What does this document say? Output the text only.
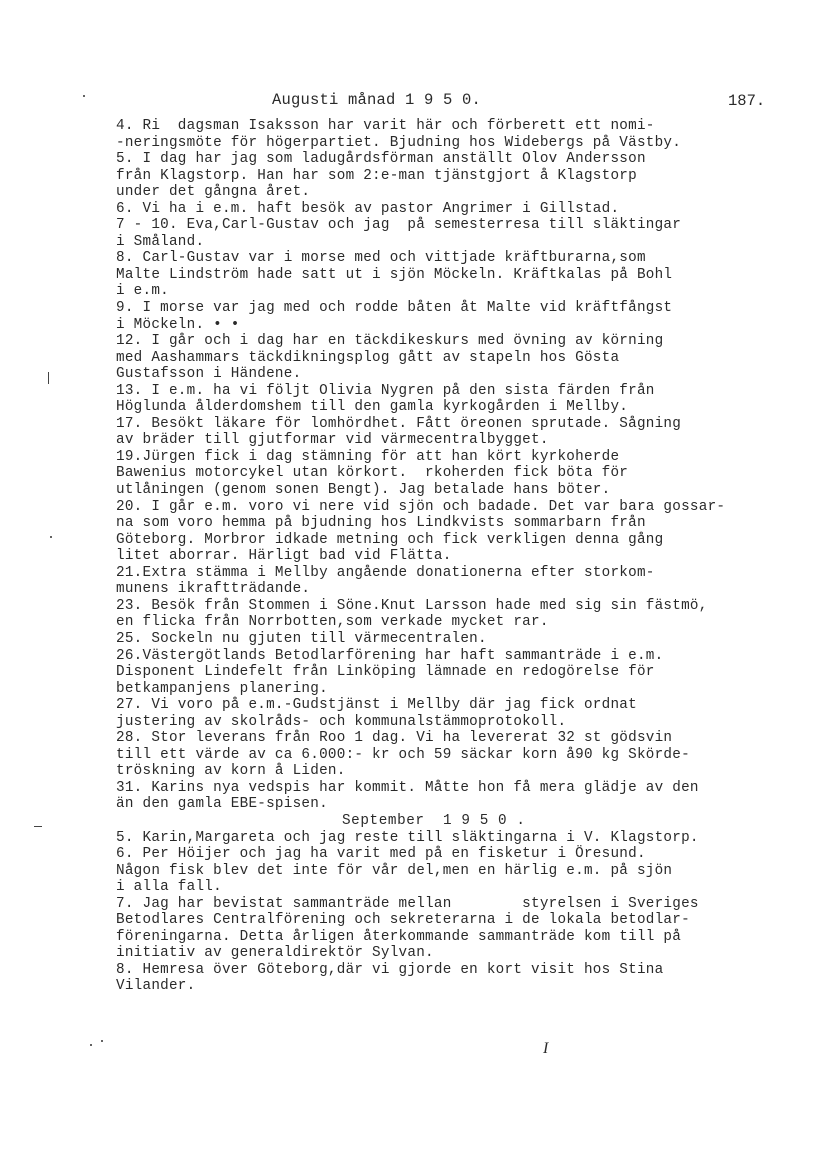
Augusti månad 1 9 5 0.	187.
4. Ri  dagsman Isaksson har varit här och förberett ett nomi-
-neringsmöte för högerpartiet. Bjudning hos Widebergs på Västby.
5. I dag har jag som ladugårdsförman anställt Olov Andersson
från Klagstorp. Han har som 2:e-man tjänstgjort å Klagstorp
under det gångna året.
6. Vi ha i e.m. haft besök av pastor Angrimer i Gillstad.
7 - 10. Eva,Carl-Gustav och jag  på semesterresa till släktingar
i Småland.
8. Carl-Gustav var i morse med och vittjade kräftburarna,som
Malte Lindström hade satt ut i sjön Möckeln. Kräftkalas på Bohl
i e.m.
9. I morse var jag med och rodde båten åt Malte vid kräftfångst
i Möckeln. • •
12. I går och i dag har en täckdikeskurs med övning av körning
med Aashammars täckdikningsplog gått av stapeln hos Gösta
Gustafsson i Händene.
13. I e.m. ha vi följt Olivia Nygren på den sista färden från
Höglunda ålderdomshem till den gamla kyrkogården i Mellby.
17. Besökt läkare för lomhördhet. Fått öreonen sprutade. Sågning
av bräder till gjutformar vid värmecentralbygget.
19.Jürgen fick i dag stämning för att han kört kyrkoherde
Bawenius motorcykel utan körkort.  rkoherden fick böta för
utlåningen (genom sonen Bengt). Jag betalade hans böter.
20. I går e.m. voro vi nere vid sjön och badade. Det var bara gossar-
na som voro hemma på bjudning hos Lindkvists sommarbarn från
Göteborg. Morbror idkade metning och fick verkligen denna gång
litet aborrar. Härligt bad vid Flätta.
21.Extra stämma i Mellby angående donationerna efter storkom-
munens ikraftträdande.
23. Besök från Stommen i Söne.Knut Larsson hade med sig sin fästmö,
en flicka från Norrbotten,som verkade mycket rar.
25. Sockeln nu gjuten till värmecentralen.
26.Västergötlands Betodlarförening har haft sammanträde i e.m.
Disponent Lindefelt från Linköping lämnade en redogörelse för
betkampanjens planering.
27. Vi voro på e.m.-Gudstjänst i Mellby där jag fick ordnat
justering av skolråds- och kommunalstämmoprotokoll.
28. Stor leverans från Roo 1 dag. Vi ha levererat 32 st gödsvin
till ett värde av ca 6.000:- kr och 59 säckar korn å90 kg Skörde-
tröskning av korn å Liden.
31. Karins nya vedspis har kommit. Måtte hon få mera glädje av den
än den gamla EBE-spisen.
September  1 9 5 0 .
5. Karin,Margareta och jag reste till släktingarna i V. Klagstorp.
6. Per Höijer och jag ha varit med på en fisketur i Öresund.
Någon fisk blev det inte för vår del,men en härlig e.m. på sjön
i alla fall.
7. Jag har bevistat sammanträde mellan        styrelsen i Sveriges
Betodlares Centralförening och sekreterarna i de lokala betodlar-
föreningarna. Detta årligen återkommande sammanträde kom till på
initiativ av generaldirektör Sylvan.
8. Hemresa över Göteborg,där vi gjorde en kort visit hos Stina
Vilander.
I
